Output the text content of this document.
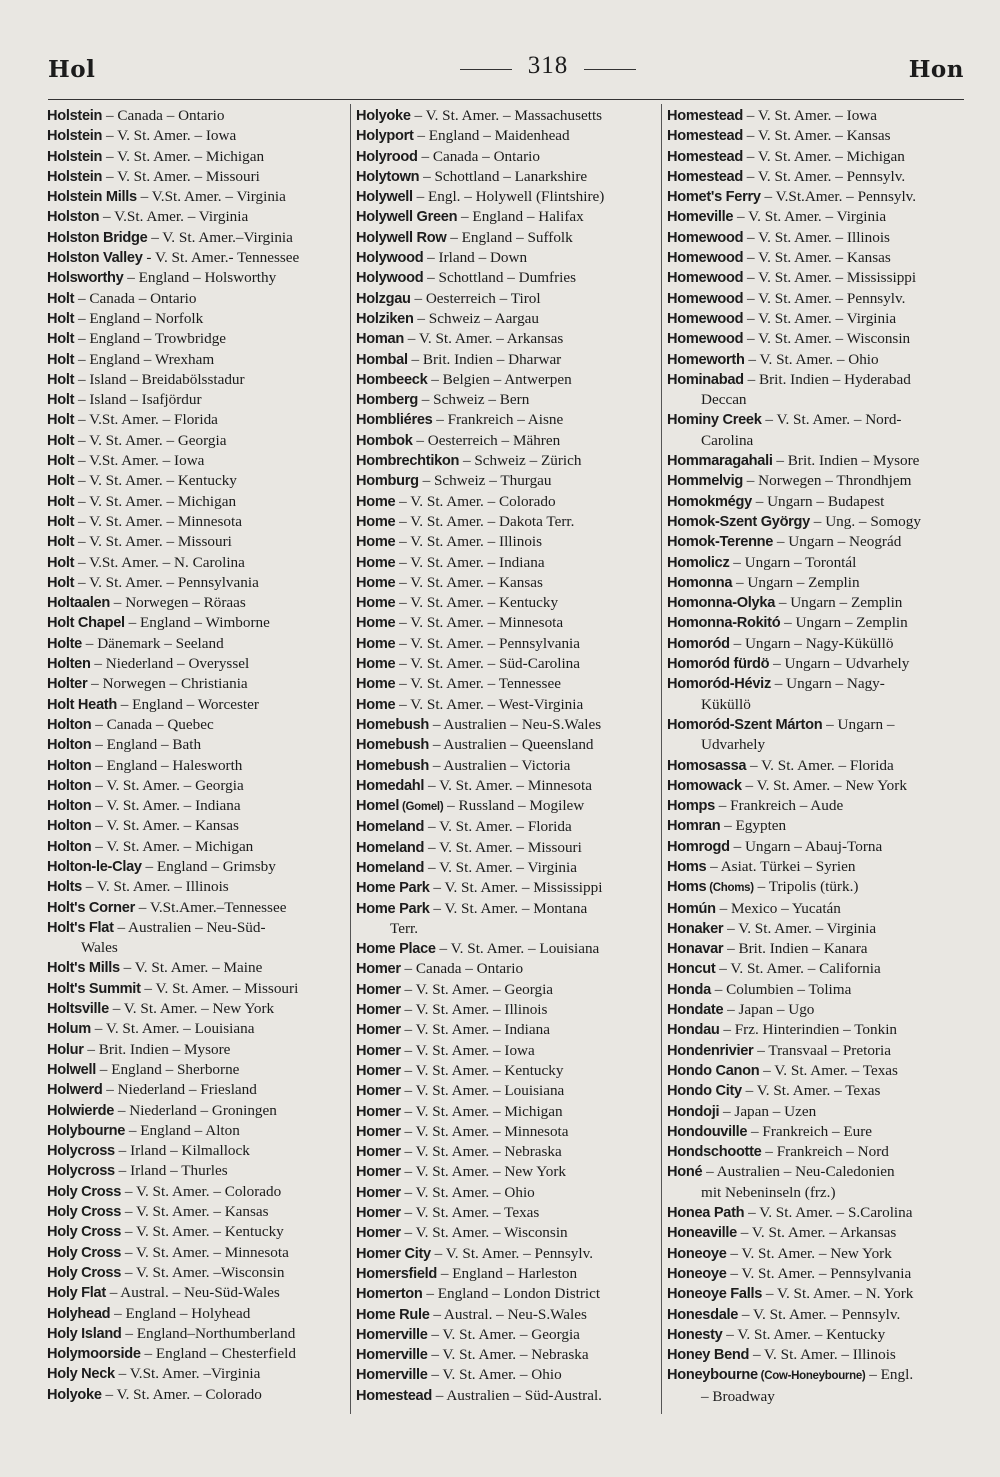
Hol	318	Hon
Holstein – Canada – Ontario
Holstein – V. St. Amer. – Iowa
Holstein – V. St. Amer. – Michigan
Holstein – V. St. Amer. – Missouri
Holstein Mills – V.St. Amer. – Virginia
Holston – V.St. Amer. – Virginia
Holston Bridge – V. St. Amer.–Virginia
Holston Valley - V. St. Amer.- Tennessee
Holsworthy – England – Holsworthy
Holt – Canada – Ontario
Holt – England – Norfolk
Holt – England – Trowbridge
Holt – England – Wrexham
Holt – Island – Breidabölsstadur
Holt – Island – Isafjördur
Holt – V.St. Amer. – Florida
Holt – V. St. Amer. – Georgia
Holt – V.St. Amer. – Iowa
Holt – V. St. Amer. – Kentucky
Holt – V. St. Amer. – Michigan
Holt – V. St. Amer. – Minnesota
Holt – V. St. Amer. – Missouri
Holt – V.St. Amer. – N. Carolina
Holt – V. St. Amer. – Pennsylvania
Holtaalen – Norwegen – Röraas
Holt Chapel – England – Wimborne
Holte – Dänemark – Seeland
Holten – Niederland – Overyssel
Holter – Norwegen – Christiania
Holt Heath – England – Worcester
Holton – Canada – Quebec
Holton – England – Bath
Holton – England – Halesworth
Holton – V. St. Amer. – Georgia
Holton – V. St. Amer. – Indiana
Holton – V. St. Amer. – Kansas
Holton – V. St. Amer. – Michigan
Holton-le-Clay – England – Grimsby
Holts – V. St. Amer. – Illinois
Holt's Corner – V.St.Amer.–Tennessee
Holt's Flat – Australien – Neu-Süd-
Wales
Holt's Mills – V. St. Amer. – Maine
Holt's Summit – V. St. Amer. – Missouri
Holtsville – V. St. Amer. – New York
Holum – V. St. Amer. – Louisiana
Holur – Brit. Indien – Mysore
Holwell – England – Sherborne
Holwerd – Niederland – Friesland
Holwierde – Niederland – Groningen
Holybourne – England – Alton
Holycross – Irland – Kilmallock
Holycross – Irland – Thurles
Holy Cross – V. St. Amer. – Colorado
Holy Cross – V. St. Amer. – Kansas
Holy Cross – V. St. Amer. – Kentucky
Holy Cross – V. St. Amer. – Minnesota
Holy Cross – V. St. Amer. –Wisconsin
Holy Flat – Austral. – Neu-Süd-Wales
Holyhead – England – Holyhead
Holy Island – England–Northumberland
Holymoorside – England – Chesterfield
Holy Neck – V.St. Amer. –Virginia
Holyoke – V. St. Amer. – Colorado
Holyoke – V. St. Amer. – Massachusetts
Holyport – England – Maidenhead
Holyrood – Canada – Ontario
Holytown – Schottland – Lanarkshire
Holywell – Engl. – Holywell (Flintshire)
Holywell Green – England – Halifax
Holywell Row – England – Suffolk
Holywood – Irland – Down
Holywood – Schottland – Dumfries
Holzgau – Oesterreich – Tirol
Holziken – Schweiz – Aargau
Homan – V. St. Amer. – Arkansas
Hombal – Brit. Indien – Dharwar
Hombeeck – Belgien – Antwerpen
Homberg – Schweiz – Bern
Hombliéres – Frankreich – Aisne
Hombok – Oesterreich – Mähren
Hombrechtikon – Schweiz – Zürich
Homburg – Schweiz – Thurgau
Home – V. St. Amer. – Colorado
Home – V. St. Amer. – Dakota Terr.
Home – V. St. Amer. – Illinois
Home – V. St. Amer. – Indiana
Home – V. St. Amer. – Kansas
Home – V. St. Amer. – Kentucky
Home – V. St. Amer. – Minnesota
Home – V. St. Amer. – Pennsylvania
Home – V. St. Amer. – Süd-Carolina
Home – V. St. Amer. – Tennessee
Home – V. St. Amer. – West-Virginia
Homebush – Australien – Neu-S.Wales
Homebush – Australien – Queensland
Homebush – Australien – Victoria
Homedahl – V. St. Amer. – Minnesota
Homel (Gomel) – Russland – Mogilew
Homeland – V. St. Amer. – Florida
Homeland – V. St. Amer. – Missouri
Homeland – V. St. Amer. – Virginia
Home Park – V. St. Amer. – Mississippi
Home Park – V. St. Amer. – Montana
Terr.
Home Place – V. St. Amer. – Louisiana
Homer – Canada – Ontario
Homer – V. St. Amer. – Georgia
Homer – V. St. Amer. – Illinois
Homer – V. St. Amer. – Indiana
Homer – V. St. Amer. – Iowa
Homer – V. St. Amer. – Kentucky
Homer – V. St. Amer. – Louisiana
Homer – V. St. Amer. – Michigan
Homer – V. St. Amer. – Minnesota
Homer – V. St. Amer. – Nebraska
Homer – V. St. Amer. – New York
Homer – V. St. Amer. – Ohio
Homer – V. St. Amer. – Texas
Homer – V. St. Amer. – Wisconsin
Homer City – V. St. Amer. – Pennsylv.
Homersfield – England – Harleston
Homerton – England – London District
Home Rule – Austral. – Neu-S.Wales
Homerville – V. St. Amer. – Georgia
Homerville – V. St. Amer. – Nebraska
Homerville – V. St. Amer. – Ohio
Homestead – Australien – Süd-Austral.
Homestead – V. St. Amer. – Iowa
Homestead – V. St. Amer. – Kansas
Homestead – V. St. Amer. – Michigan
Homestead – V. St. Amer. – Pennsylv.
Homet's Ferry – V.St.Amer. – Pennsylv.
Homeville – V. St. Amer. – Virginia
Homewood – V. St. Amer. – Illinois
Homewood – V. St. Amer. – Kansas
Homewood – V. St. Amer. – Mississippi
Homewood – V. St. Amer. – Pennsylv.
Homewood – V. St. Amer. – Virginia
Homewood – V. St. Amer. – Wisconsin
Homeworth – V. St. Amer. – Ohio
Hominabad – Brit. Indien – Hyderabad
Deccan
Hominy Creek – V. St. Amer. – Nord-
Carolina
Hommaragahali – Brit. Indien – Mysore
Hommelvig – Norwegen – Throndhjem
Homokmégy – Ungarn – Budapest
Homok-Szent György – Ung. – Somogy
Homok-Terenne – Ungarn – Neográd
Homolicz – Ungarn – Torontál
Homonna – Ungarn – Zemplin
Homonna-Olyka – Ungarn – Zemplin
Homonna-Rokitó – Ungarn – Zemplin
Homoród – Ungarn – Nagy-Küküllö
Homoród fürdö – Ungarn – Udvarhely
Homoród-Héviz – Ungarn – Nagy-
Küküllö
Homoród-Szent Márton – Ungarn –
Udvarhely
Homosassa – V. St. Amer. – Florida
Homowack – V. St. Amer. – New York
Homps – Frankreich – Aude
Homran – Egypten
Homrogd – Ungarn – Abauj-Torna
Homs – Asiat. Türkei – Syrien
Homs (Choms) – Tripolis (türk.)
Homún – Mexico – Yucatán
Honaker – V. St. Amer. – Virginia
Honavar – Brit. Indien – Kanara
Honcut – V. St. Amer. – California
Honda – Columbien – Tolima
Hondate – Japan – Ugo
Hondau – Frz. Hinterindien – Tonkin
Hondenrivier – Transvaal – Pretoria
Hondo Canon – V. St. Amer. – Texas
Hondo City – V. St. Amer. – Texas
Hondoji – Japan – Uzen
Hondouville – Frankreich – Eure
Hondschootte – Frankreich – Nord
Honé – Australien – Neu-Caledonien
mit Nebeninseln (frz.)
Honea Path – V. St. Amer. – S.Carolina
Honeaville – V. St. Amer. – Arkansas
Honeoye – V. St. Amer. – New York
Honeoye – V. St. Amer. – Pennsylvania
Honeoye Falls – V. St. Amer. – N. York
Honesdale – V. St. Amer. – Pennsylv.
Honesty – V. St. Amer. – Kentucky
Honey Bend – V. St. Amer. – Illinois
Honeybourne (Cow-Honeybourne) – Engl.
– Broadway
